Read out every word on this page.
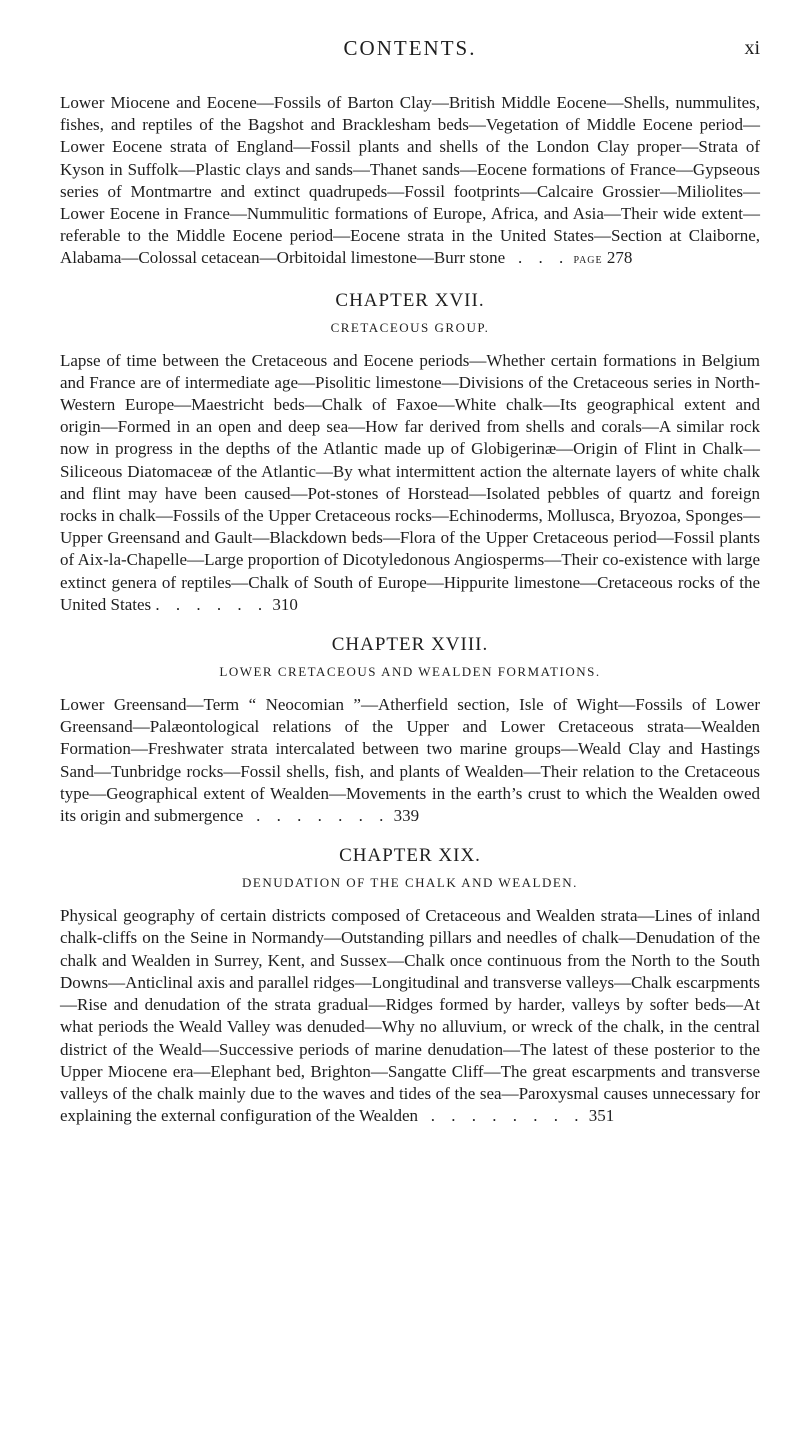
CONTENTS.	xi

Lower Miocene and Eocene—Fossils of Barton Clay—British Middle Eocene—Shells, nummulites, fishes, and reptiles of the Bagshot and Bracklesham beds—Vegetation of Middle Eocene period—Lower Eocene strata of England—Fossil plants and shells of the London Clay proper—Strata of Kyson in Suffolk—Plastic clays and sands—Thanet sands—Eocene formations of France—Gypseous series of Montmartre and extinct quadrupeds—Fossil footprints—Calcaire Grossier—Miliolites—Lower Eocene in France—Nummulitic formations of Europe, Africa, and Asia—Their wide extent—referable to the Middle Eocene period—Eocene strata in the United States—Section at Claiborne, Alabama—Colossal cetacean—Orbitoidal limestone—Burr stone . . . page 278

CHAPTER XVII.
CRETACEOUS GROUP.

Lapse of time between the Cretaceous and Eocene periods—Whether certain formations in Belgium and France are of intermediate age—Pisolitic limestone—Divisions of the Cretaceous series in North-Western Europe—Maestricht beds—Chalk of Faxoe—White chalk—Its geographical extent and origin—Formed in an open and deep sea—How far derived from shells and corals—A similar rock now in progress in the depths of the Atlantic made up of Globigerinæ—Origin of Flint in Chalk—Siliceous Diatomaceæ of the Atlantic—By what intermittent action the alternate layers of white chalk and flint may have been caused—Pot-stones of Horstead—Isolated pebbles of quartz and foreign rocks in chalk—Fossils of the Upper Cretaceous rocks—Echinoderms, Mollusca, Bryozoa, Sponges—Upper Greensand and Gault—Blackdown beds—Flora of the Upper Cretaceous period—Fossil plants of Aix-la-Chapelle—Large proportion of Dicotyledonous Angiosperms—Their co-existence with large extinct genera of reptiles—Chalk of South of Europe—Hippurite limestone—Cretaceous rocks of the United States . . . . . . 310

CHAPTER XVIII.
LOWER CRETACEOUS AND WEALDEN FORMATIONS.

Lower Greensand—Term “ Neocomian ”—Atherfield section, Isle of Wight—Fossils of Lower Greensand—Palæontological relations of the Upper and Lower Cretaceous strata—Wealden Formation—Freshwater strata intercalated between two marine groups—Weald Clay and Hastings Sand—Tunbridge rocks—Fossil shells, fish, and plants of Wealden—Their relation to the Cretaceous type—Geographical extent of Wealden—Movements in the earth’s crust to which the Wealden owed its origin and submergence . . . . . . . 339

CHAPTER XIX.
DENUDATION OF THE CHALK AND WEALDEN.

Physical geography of certain districts composed of Cretaceous and Wealden strata—Lines of inland chalk-cliffs on the Seine in Normandy—Outstanding pillars and needles of chalk—Denudation of the chalk and Wealden in Surrey, Kent, and Sussex—Chalk once continuous from the North to the South Downs—Anticlinal axis and parallel ridges—Longitudinal and transverse valleys—Chalk escarpments—Rise and denudation of the strata gradual—Ridges formed by harder, valleys by softer beds—At what periods the Weald Valley was denuded—Why no alluvium, or wreck of the chalk, in the central district of the Weald—Successive periods of marine denudation—The latest of these posterior to the Upper Miocene era—Elephant bed, Brighton—Sangatte Cliff—The great escarpments and transverse valleys of the chalk mainly due to the waves and tides of the sea—Paroxysmal causes unnecessary for explaining the external configuration of the Wealden . . . . . . . . 351
